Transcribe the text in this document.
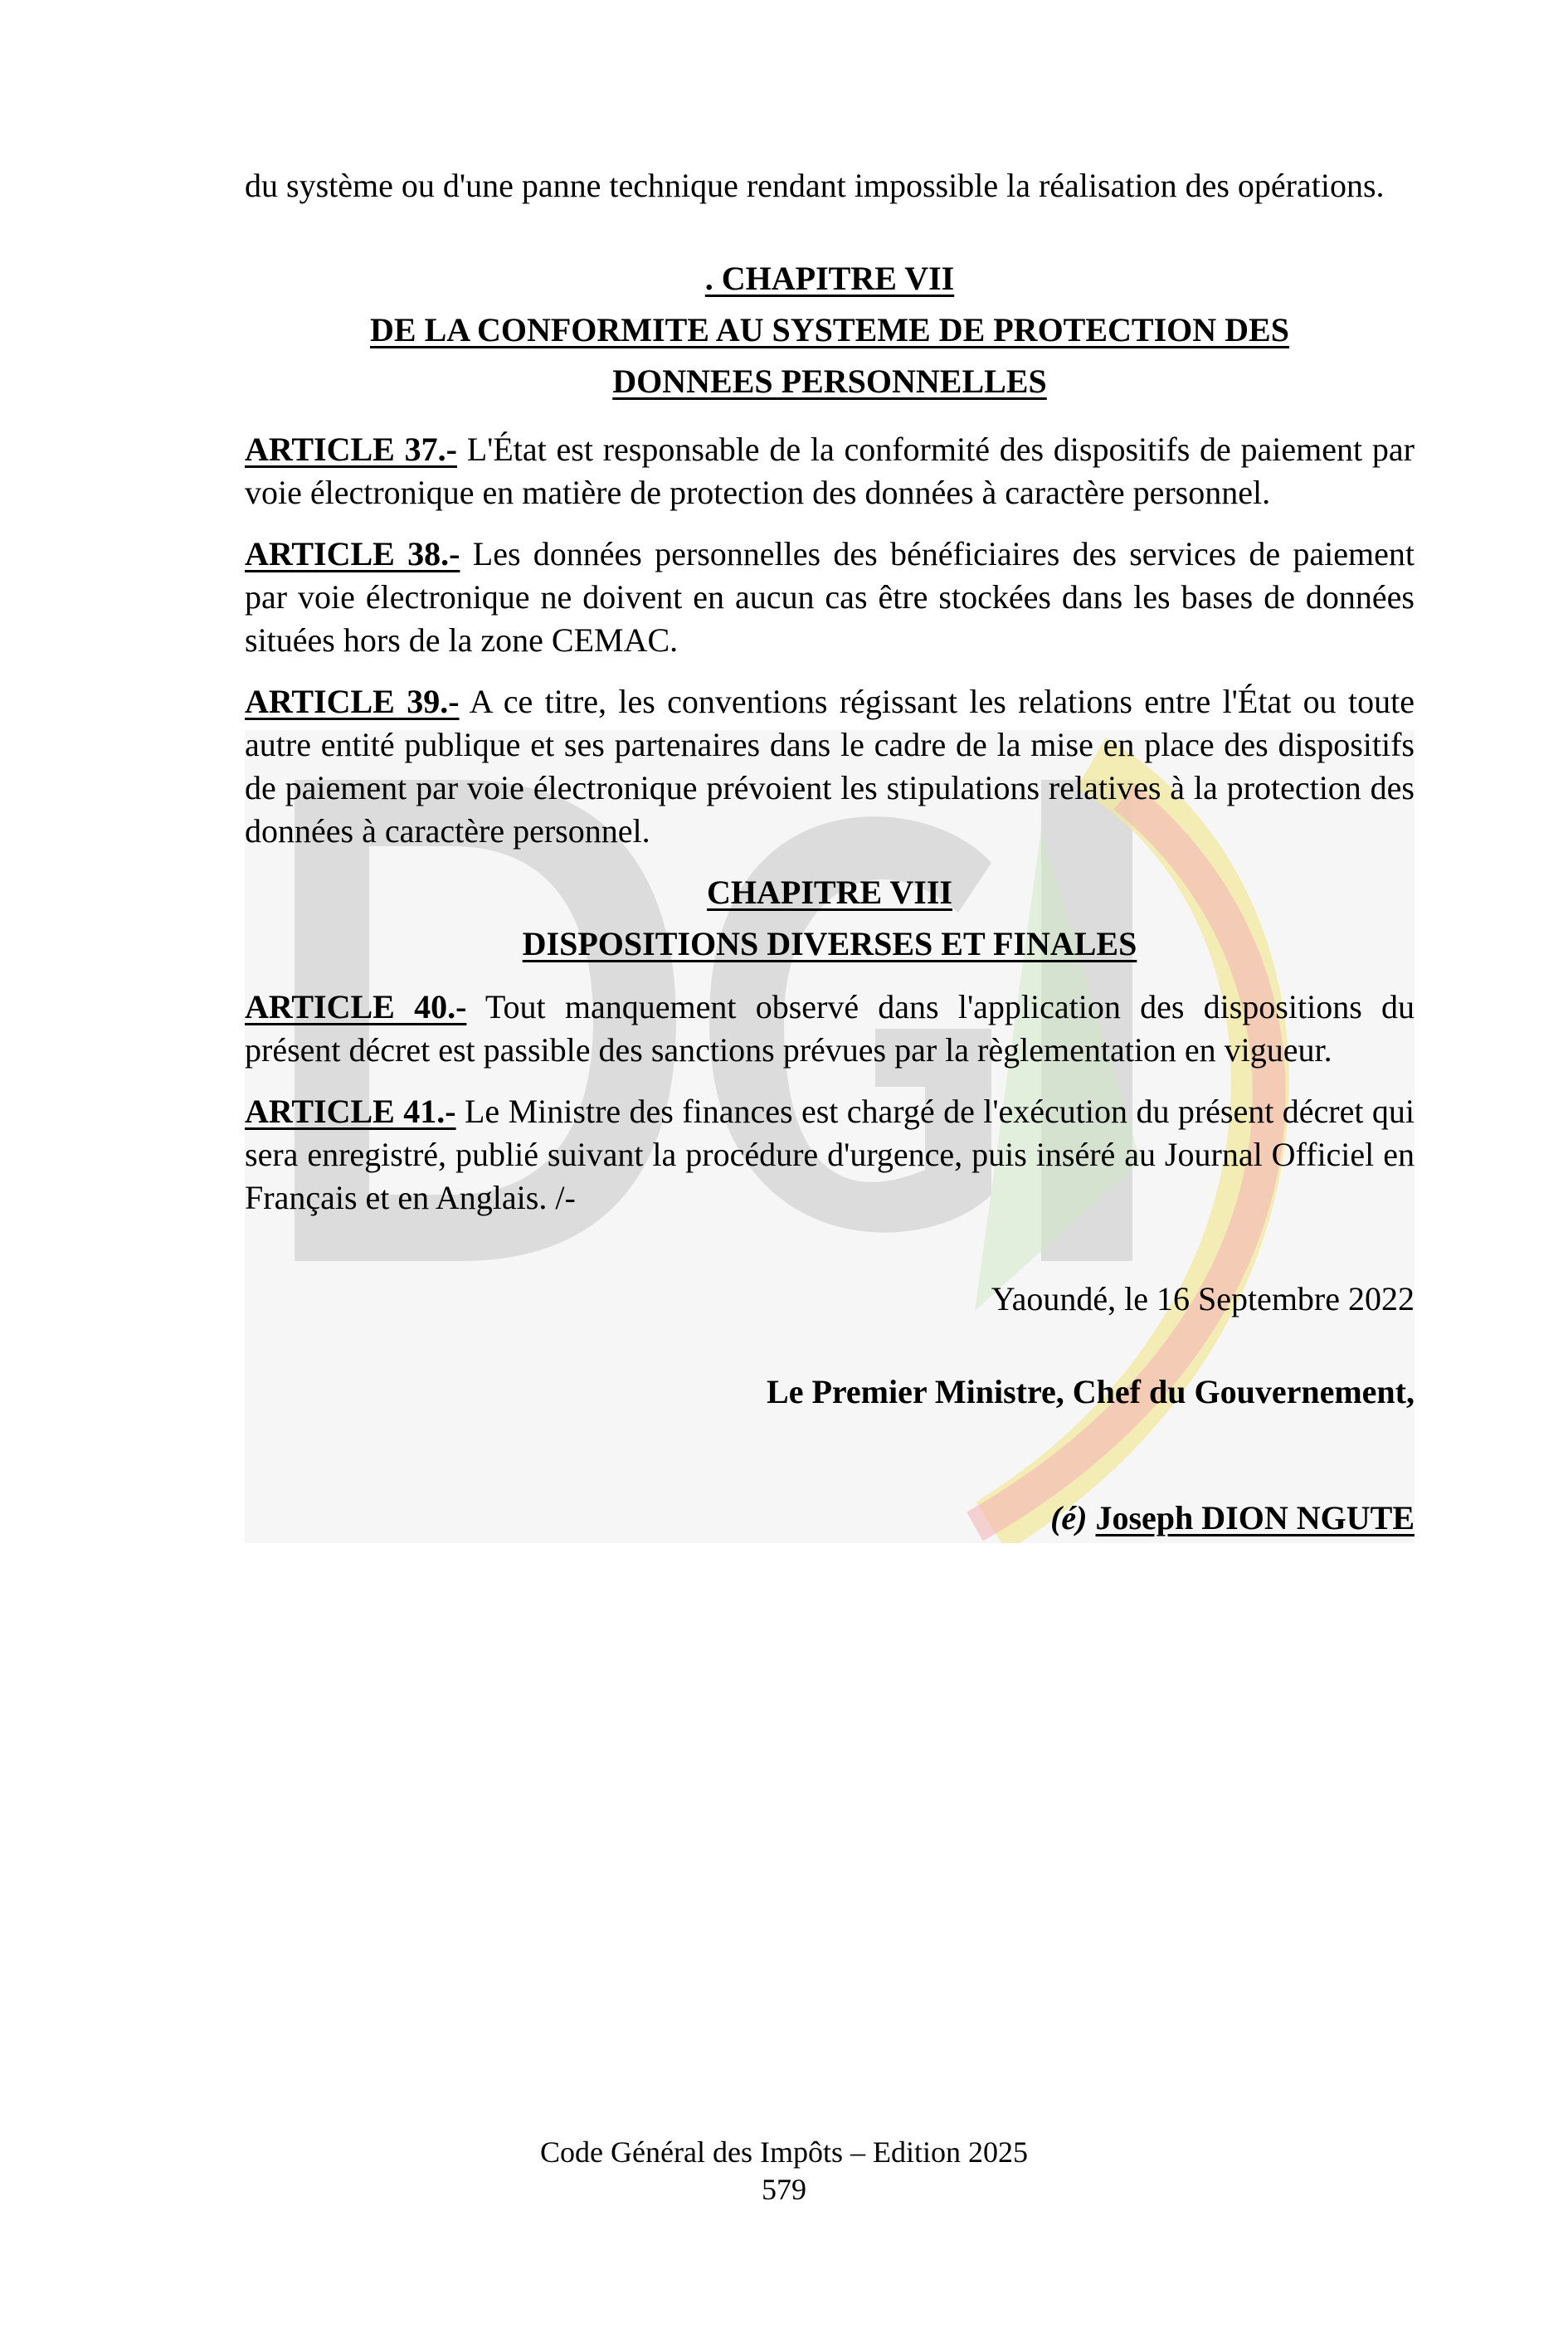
du système ou d'une panne technique rendant impossible la réalisation des opérations.

. CHAPITRE VII
DE LA CONFORMITE AU SYSTEME DE PROTECTION DES
DONNEES PERSONNELLES

ARTICLE 37.- L'État est responsable de la conformité des dispositifs de paiement par voie électronique en matière de protection des données à caractère personnel.

ARTICLE 38.- Les données personnelles des bénéficiaires des services de paiement par voie électronique ne doivent en aucun cas être stockées dans les bases de données situées hors de la zone CEMAC.

ARTICLE 39.- A ce titre, les conventions régissant les relations entre l'État ou toute autre entité publique et ses partenaires dans le cadre de la mise en place des dispositifs de paiement par voie électronique prévoient les stipulations relatives à la protection des données à caractère personnel.

CHAPITRE VIII
DISPOSITIONS DIVERSES ET FINALES

ARTICLE 40.- Tout manquement observé dans l'application des dispositions du présent décret est passible des sanctions prévues par la règlementation en vigueur.

ARTICLE 41.- Le Ministre des finances est chargé de l'exécution du présent décret qui sera enregistré, publié suivant la procédure d'urgence, puis inséré au Journal Officiel en Français et en Anglais. /-

Yaoundé, le 16 Septembre 2022
Le Premier Ministre, Chef du Gouvernement,
(é) Joseph DION NGUTE
Code Général des Impôts – Edition 2025
579
